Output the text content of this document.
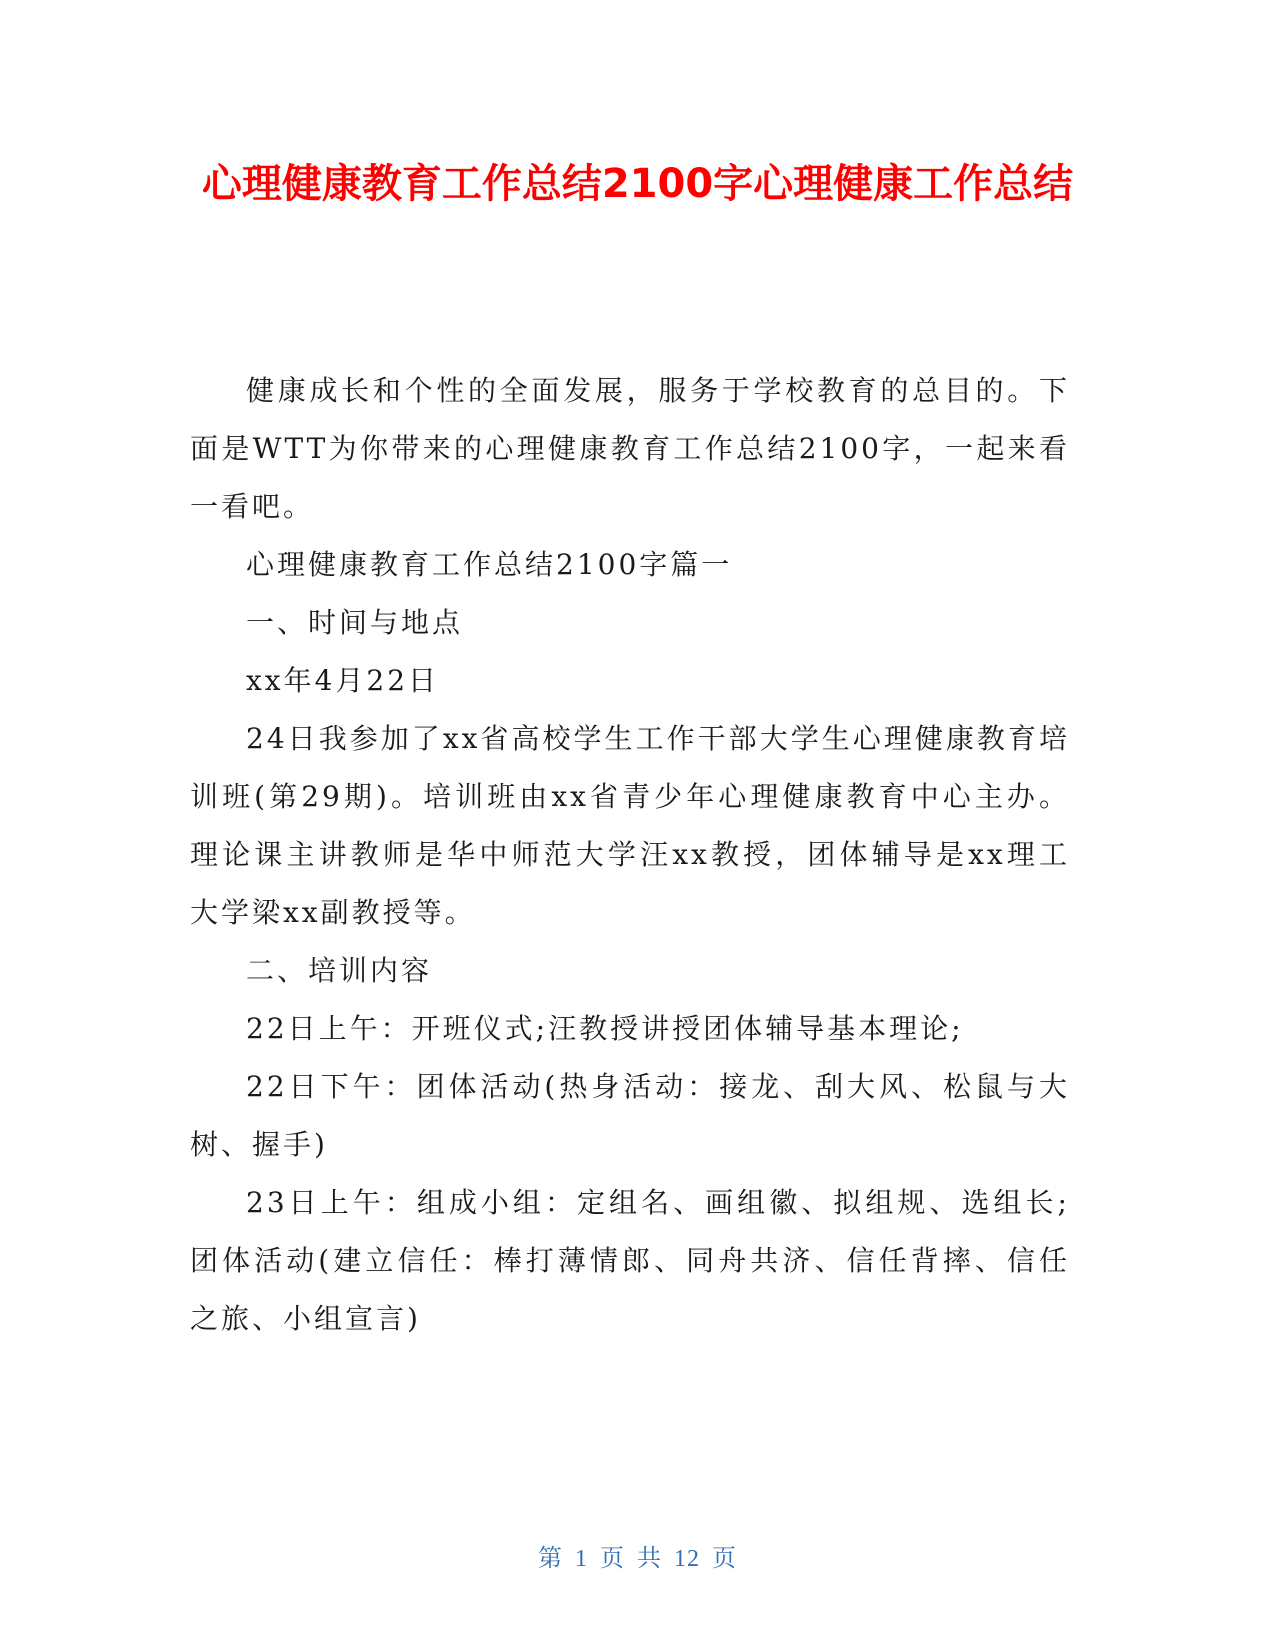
心理健康教育工作总结2100字心理健康工作总结

健康成长和个性的全面发展，服务于学校教育的总目的。下面是WTT为你带来的心理健康教育工作总结2100字，一起来看一看吧。

心理健康教育工作总结2100字篇一

一、时间与地点

xx年4月22日

24日我参加了xx省高校学生工作干部大学生心理健康教育培训班(第29期)。培训班由xx省青少年心理健康教育中心主办。理论课主讲教师是华中师范大学汪xx教授，团体辅导是xx理工大学梁xx副教授等。

二、培训内容

22日上午：开班仪式;汪教授讲授团体辅导基本理论;

22日下午：团体活动(热身活动：接龙、刮大风、松鼠与大树、握手)

23日上午：组成小组：定组名、画组徽、拟组规、选组长;团体活动(建立信任：棒打薄情郎、同舟共济、信任背摔、信任之旅、小组宣言)

第 1 页 共 12 页
